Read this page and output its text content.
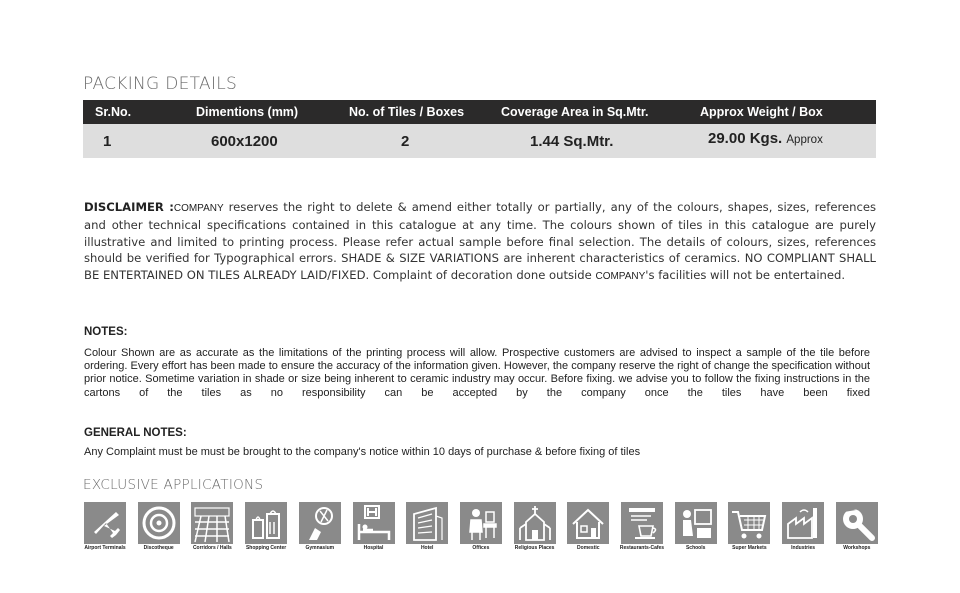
PACKING DETAILS
Sr.No.	Dimentions (mm)	No. of Tiles / Boxes	Coverage Area in Sq.Mtr.	Approx Weight / Box
1	600x1200	2	1.44 Sq.Mtr.	29.00 Kgs. Approx
DISCLAIMER :COMPANY reserves the right to delete & amend either totally or partially, any of the colours, shapes, sizes, references and other technical specifications contained in this catalogue at any time. The colours shown of tiles in this catalogue are purely illustrative and limited to printing process. Please refer actual sample before final selection. The details of colours, sizes, references should be verified for Typographical errors. SHADE & SIZE VARIATIONS are inherent characteristics of ceramics. NO COMPLIANT SHALL BE ENTERTAINED ON TILES ALREADY LAID/FIXED. Complaint of decoration done outside COMPANY's facilities will not be entertained.
NOTES:
Colour Shown are as accurate as the limitations of the printing process will allow. Prospective customers are advised to inspect a sample of the tile before ordering. Every effort has been made to ensure the accuracy of the information given. However, the company reserve the right of change the specification without prior notice. Sometime variation in shade or size being inherent to ceramic industry may occur. Before fixing. we advise you to follow the fixing instructions in the cartons of the tiles as no responsibility can be accepted by the company once the tiles have been fixed
GENERAL NOTES:
Any Complaint must be must be brought to the company's notice within 10 days of purchase & before fixing of tiles
EXCLUSIVE APPLICATIONS
Airport Terminals	Discotheque	Corridors / Halls	Shopping Center	Gymnasium	Hospital	Hotel	Offices	Religious Places	Domestic	Restaurants-Cafes	Schools	Super Markets	Industries	Workshops
